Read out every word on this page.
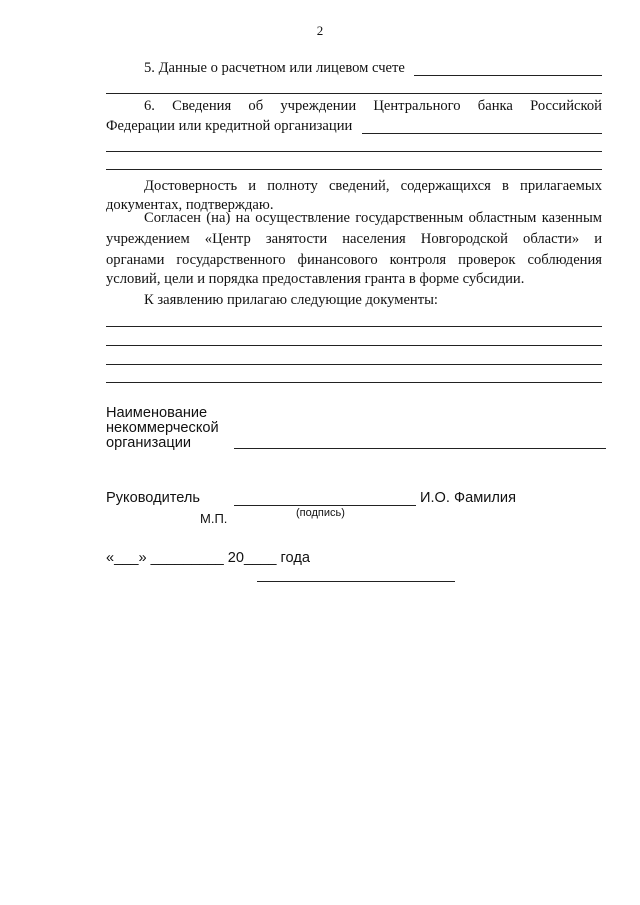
2
5. Данные о расчетном или лицевом счете
6. Сведения об учреждении Центрального банка Российской
Федерации или кредитной организации
Достоверность и полноту сведений, содержащихся в прилагаемых
документах, подтверждаю.
Согласен (на) на осуществление государственным областным казенным
учреждением «Центр занятости населения Новгородской области» и
органами государственного финансового контроля проверок соблюдения
условий, цели и порядка предоставления гранта в форме субсидии.
К заявлению прилагаю следующие документы:
Наименование
некоммерческой
организации
Руководитель	И.О. Фамилия
(подпись)
М.П.
«___» _________ 20____ года
